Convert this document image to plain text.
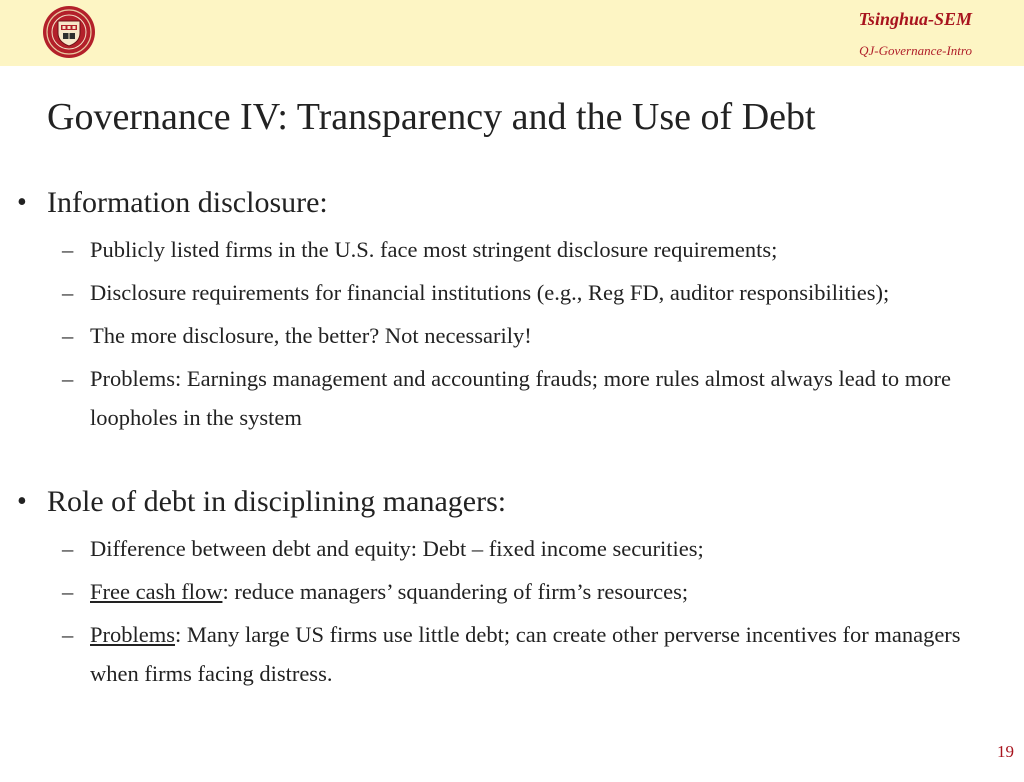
Tsinghua-SEM
QJ-Governance-Intro
Governance IV: Transparency and the Use of Debt
• Information disclosure:
– Publicly listed firms in the U.S. face most stringent disclosure requirements;
– Disclosure requirements for financial institutions (e.g., Reg FD, auditor responsibilities);
– The more disclosure, the better? Not necessarily!
– Problems: Earnings management and accounting frauds; more rules almost always lead to more loopholes in the system
• Role of debt in disciplining managers:
– Difference between debt and equity: Debt – fixed income securities;
– Free cash flow: reduce managers’ squandering of firm’s resources;
– Problems: Many large US firms use little debt; can create other perverse incentives for managers when firms facing distress.
19
